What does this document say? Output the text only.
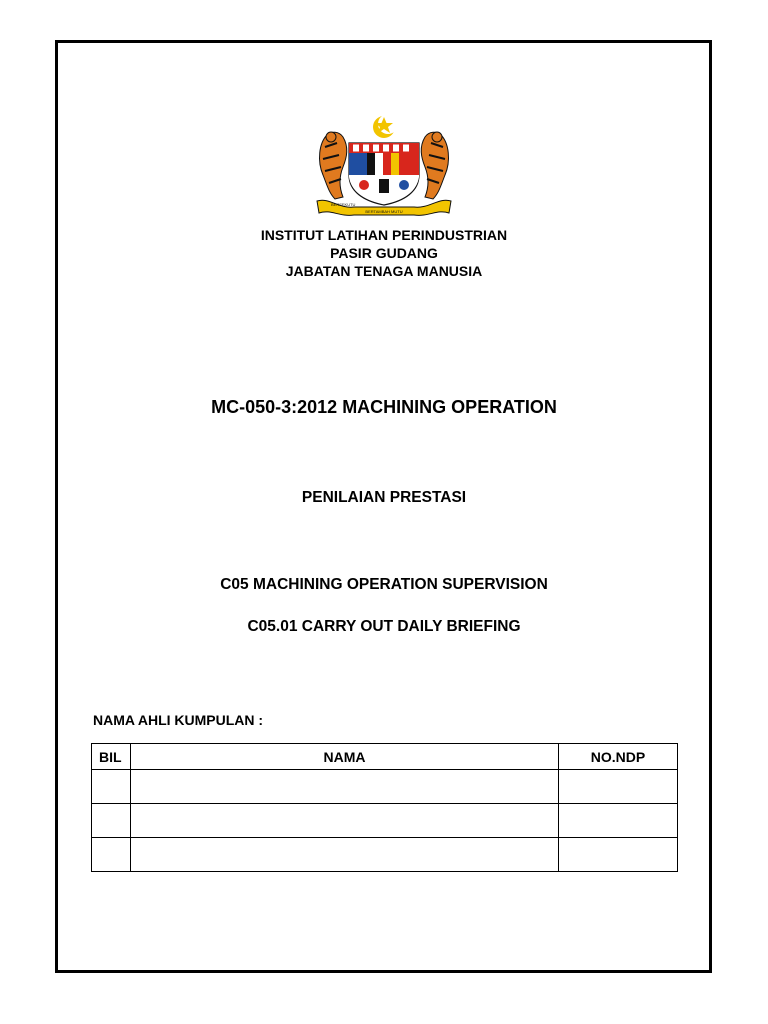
BERSEKUTU
BERTAMBAH MUTU
INSTITUT LATIHAN PERINDUSTRIAN
PASIR GUDANG
JABATAN TENAGA MANUSIA
MC-050-3:2012 MACHINING OPERATION
PENILAIAN PRESTASI
C05 MACHINING OPERATION SUPERVISION
C05.01 CARRY OUT DAILY BRIEFING
NAMA AHLI KUMPULAN :
BIL	NAMA	NO.NDP
